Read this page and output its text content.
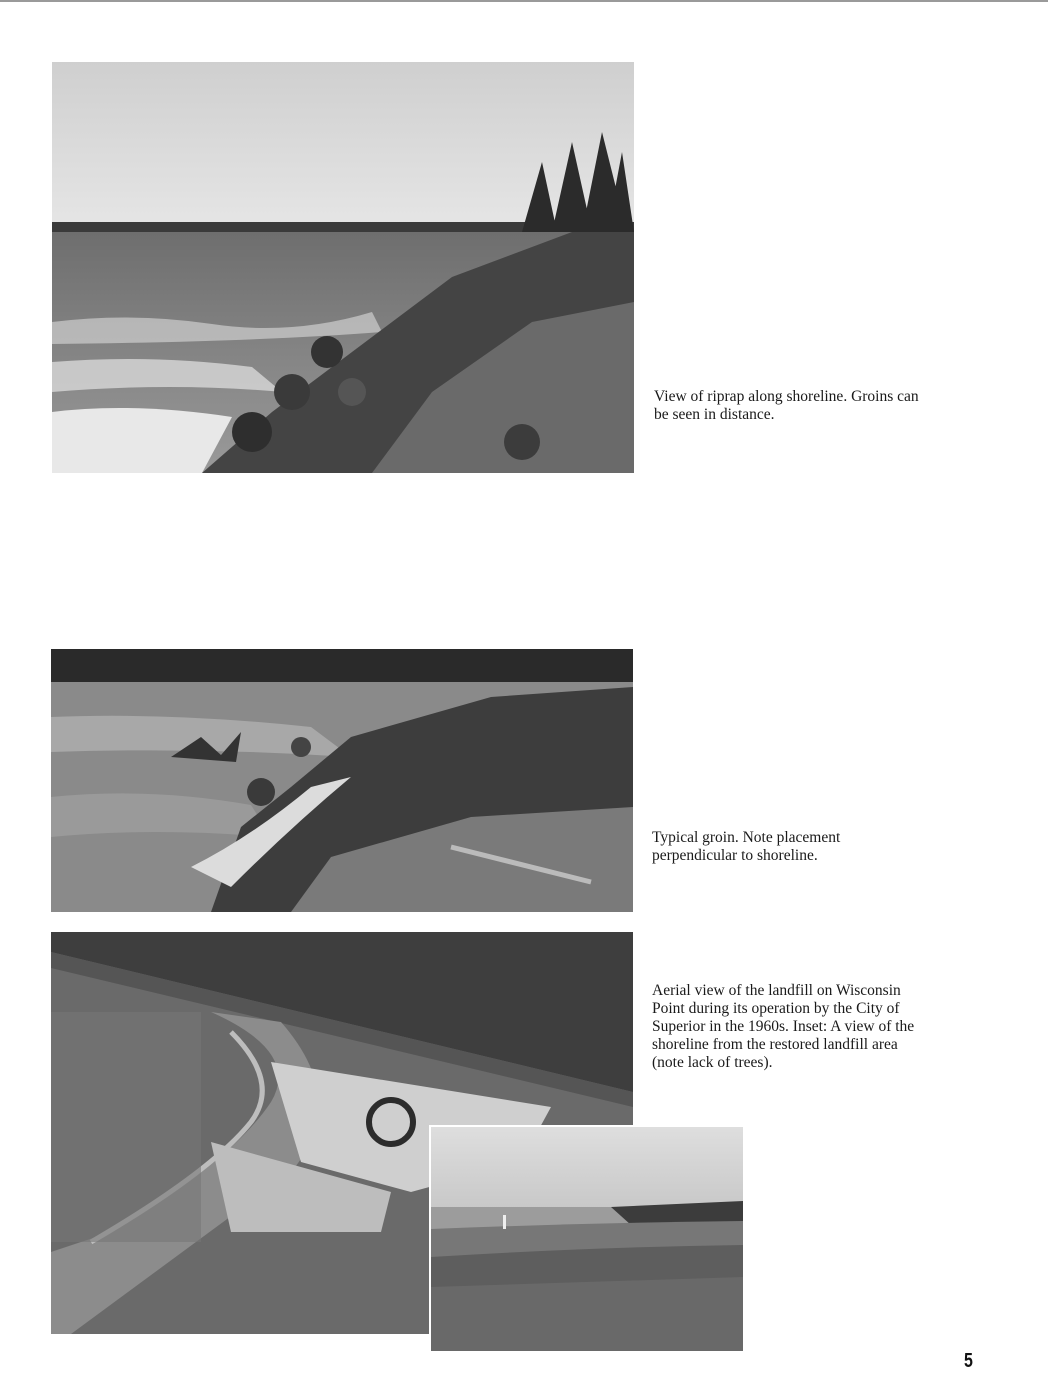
View of riprap along shoreline. Groins can be seen in distance.

Typical groin. Note placement perpendicular to shoreline.

Aerial view of the landfill on Wisconsin Point during its operation by the City of Superior in the 1960s. Inset: A view of the shoreline from the restored landfill area (note lack of trees).

5
